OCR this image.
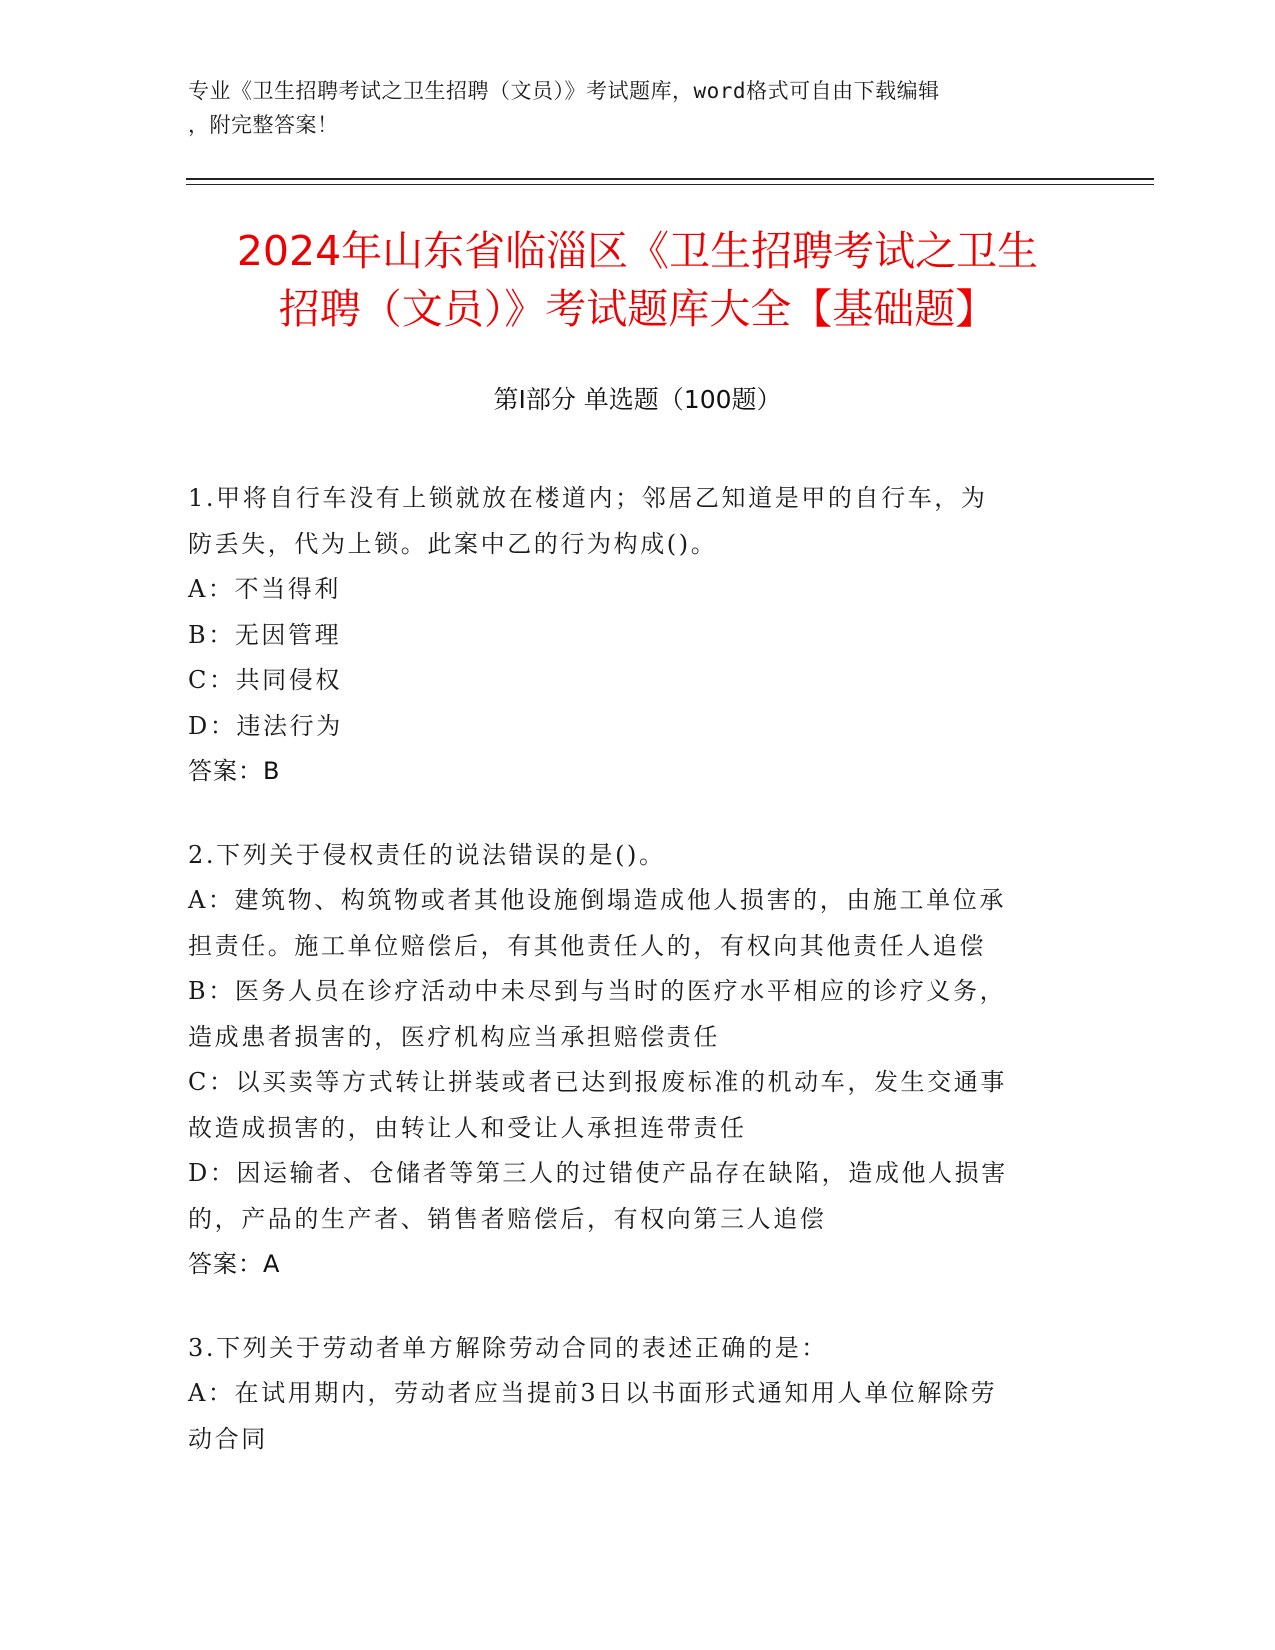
专业《卫生招聘考试之卫生招聘（文员）》考试题库，word格式可自由下载编辑
，附完整答案！
2024年山东省临淄区《卫生招聘考试之卫生
招聘（文员）》考试题库大全【基础题】
第Ⅰ部分 单选题（100题）
1.甲将自行车没有上锁就放在楼道内；邻居乙知道是甲的自行车，为
防丢失，代为上锁。此案中乙的行为构成()。
A：不当得利
B：无因管理
C：共同侵权
D：违法行为
答案：B
2.下列关于侵权责任的说法错误的是()。
A：建筑物、构筑物或者其他设施倒塌造成他人损害的，由施工单位承
担责任。施工单位赔偿后，有其他责任人的，有权向其他责任人追偿
B：医务人员在诊疗活动中未尽到与当时的医疗水平相应的诊疗义务，
造成患者损害的，医疗机构应当承担赔偿责任
C：以买卖等方式转让拼装或者已达到报废标准的机动车，发生交通事
故造成损害的，由转让人和受让人承担连带责任
D：因运输者、仓储者等第三人的过错使产品存在缺陷，造成他人损害
的，产品的生产者、销售者赔偿后，有权向第三人追偿
答案：A
3.下列关于劳动者单方解除劳动合同的表述正确的是：
A：在试用期内，劳动者应当提前3日以书面形式通知用人单位解除劳
动合同
